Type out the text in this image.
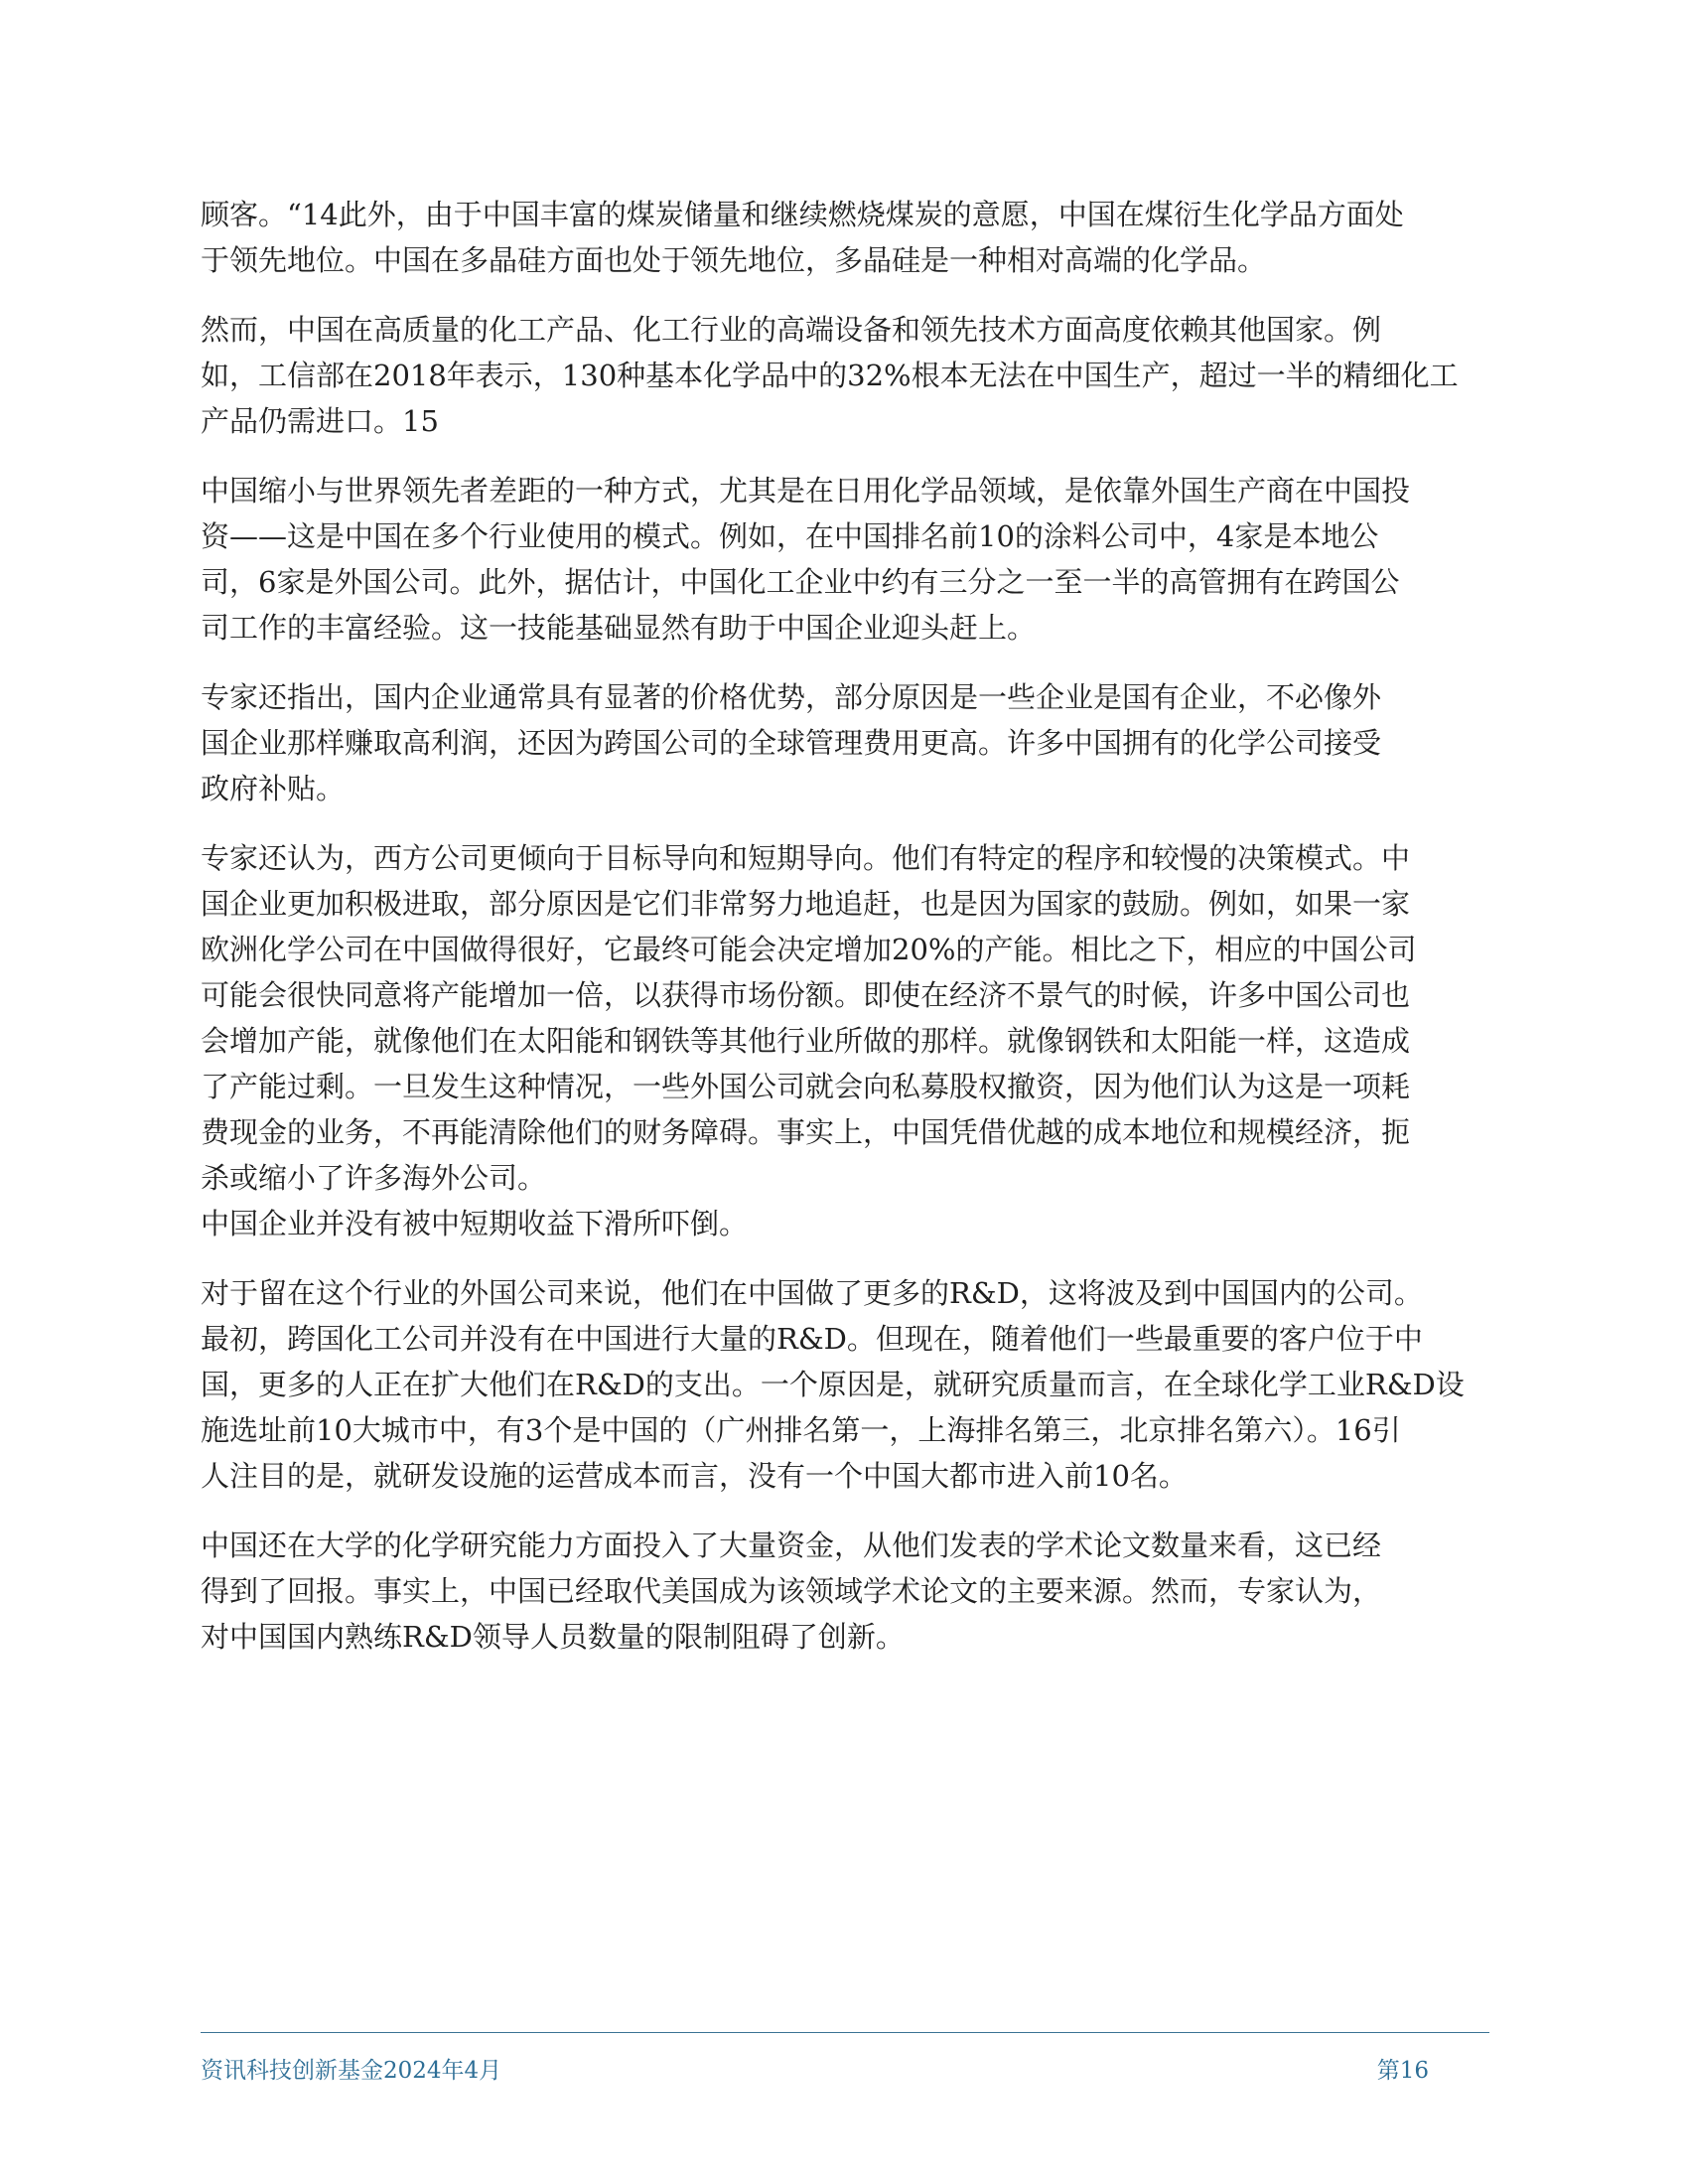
顾客。“14此外，由于中国丰富的煤炭储量和继续燃烧煤炭的意愿，中国在煤衍生化学品方面处
于领先地位。中国在多晶硅方面也处于领先地位，多晶硅是一种相对高端的化学品。

然而，中国在高质量的化工产品、化工行业的高端设备和领先技术方面高度依赖其他国家。例
如，工信部在2018年表示，130种基本化学品中的32%根本无法在中国生产，超过一半的精细化工
产品仍需进口。15

中国缩小与世界领先者差距的一种方式，尤其是在日用化学品领域，是依靠外国生产商在中国投
资——这是中国在多个行业使用的模式。例如，在中国排名前10的涂料公司中，4家是本地公
司，6家是外国公司。此外，据估计，中国化工企业中约有三分之一至一半的高管拥有在跨国公
司工作的丰富经验。这一技能基础显然有助于中国企业迎头赶上。

专家还指出，国内企业通常具有显著的价格优势，部分原因是一些企业是国有企业，不必像外
国企业那样赚取高利润，还因为跨国公司的全球管理费用更高。许多中国拥有的化学公司接受
政府补贴。

专家还认为，西方公司更倾向于目标导向和短期导向。他们有特定的程序和较慢的决策模式。中
国企业更加积极进取，部分原因是它们非常努力地追赶，也是因为国家的鼓励。例如，如果一家
欧洲化学公司在中国做得很好，它最终可能会决定增加20%的产能。相比之下，相应的中国公司
可能会很快同意将产能增加一倍，以获得市场份额。即使在经济不景气的时候，许多中国公司也
会增加产能，就像他们在太阳能和钢铁等其他行业所做的那样。就像钢铁和太阳能一样，这造成
了产能过剩。一旦发生这种情况，一些外国公司就会向私募股权撤资，因为他们认为这是一项耗
费现金的业务，不再能清除他们的财务障碍。事实上，中国凭借优越的成本地位和规模经济，扼
杀或缩小了许多海外公司。

中国企业并没有被中短期收益下滑所吓倒。

对于留在这个行业的外国公司来说，他们在中国做了更多的R&D，这将波及到中国国内的公司。
最初，跨国化工公司并没有在中国进行大量的R&D。但现在，随着他们一些最重要的客户位于中
国，更多的人正在扩大他们在R&D的支出。一个原因是，就研究质量而言，在全球化学工业R&D设
施选址前10大城市中，有3个是中国的（广州排名第一，上海排名第三，北京排名第六）。16引
人注目的是，就研发设施的运营成本而言，没有一个中国大都市进入前10名。

中国还在大学的化学研究能力方面投入了大量资金，从他们发表的学术论文数量来看，这已经
得到了回报。事实上，中国已经取代美国成为该领域学术论文的主要来源。然而，专家认为，
对中国国内熟练R&D领导人员数量的限制阻碍了创新。

资讯科技创新基金2024年4月	第16
